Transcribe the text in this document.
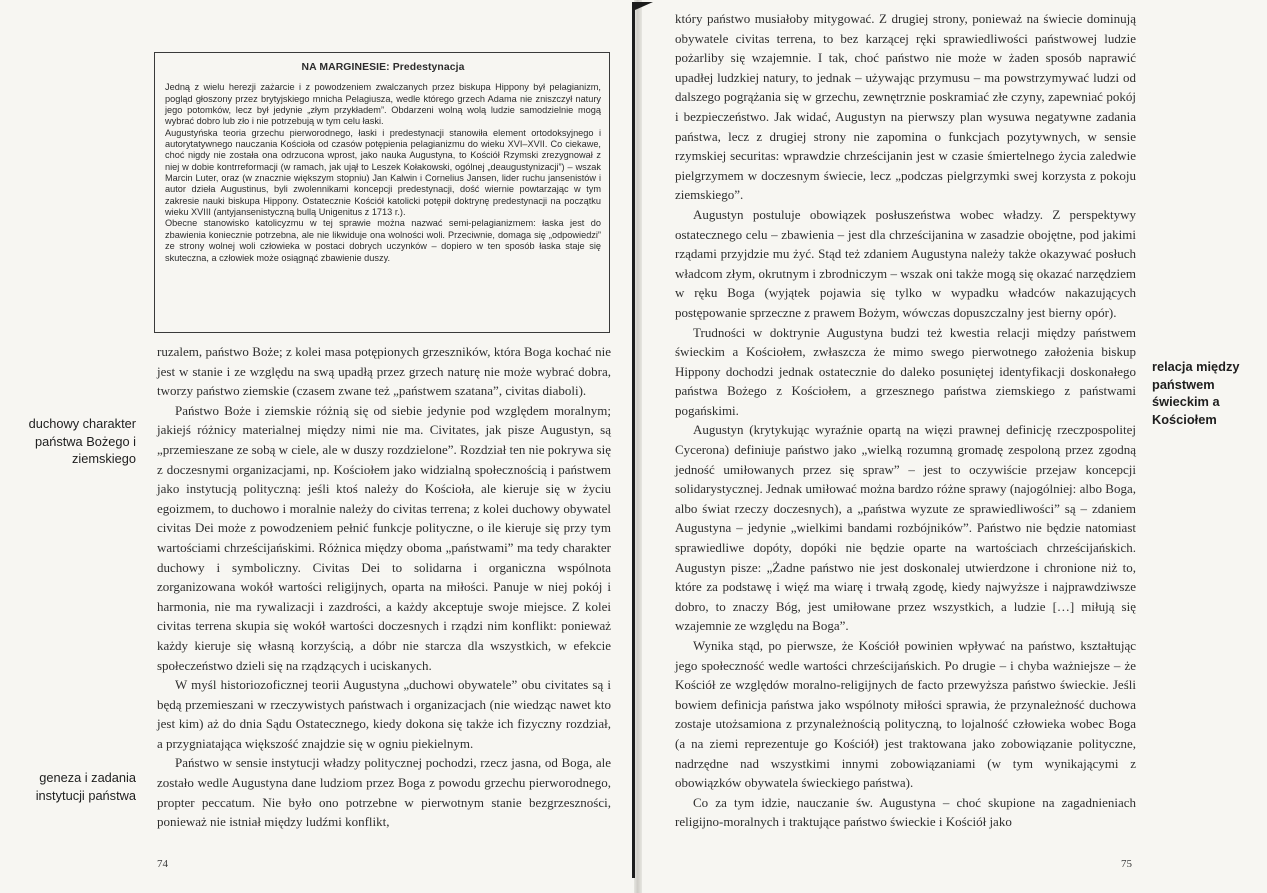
NA MARGINESIE: Predestynacja

Jedną z wielu herezji zażarcie i z powodzeniem zwalczanych przez biskupa Hippony był pelagianizm, pogląd głoszony przez brytyjskiego mnicha Pelagiusza, wedle którego grzech Adama nie zniszczył natury jego potomków, lecz był jedynie „złym przykładem”. Obdarzeni wolną wolą ludzie samodzielnie mogą wybrać dobro lub zło i nie potrzebują w tym celu łaski.

Augustyńska teoria grzechu pierworodnego, łaski i predestynacji stanowiła element ortodoksyjnego i autorytatywnego nauczania Kościoła od czasów potępienia pelagianizmu do wieku XVI–XVII. Co ciekawe, choć nigdy nie została ona odrzucona wprost, jako nauka Augustyna, to Kościół Rzymski zrezygnował z niej w dobie kontrreformacji (w ramach, jak ujął to Leszek Kołakowski, ogólnej „deaugustynizacji”) – wszak Marcin Luter, oraz (w znacznie większym stopniu) Jan Kalwin i Cornelius Jansen, lider ruchu jansenistów i autor dzieła Augustinus, byli zwolennikami koncepcji predestynacji, dość wiernie powtarzając w tym zakresie nauki biskupa Hippony. Ostatecznie Kościół katolicki potępił doktrynę predestynacji na początku wieku XVIII (antyjansenistyczną bullą Unigenitus z 1713 r.).

Obecne stanowisko katolicyzmu w tej sprawie można nazwać semi-pelagianizmem: łaska jest do zbawienia koniecznie potrzebna, ale nie likwiduje ona wolności woli. Przeciwnie, domaga się „odpowiedzi” ze strony wolnej woli człowieka w postaci dobrych uczynków – dopiero w ten sposób łaska staje się skuteczna, a człowiek może osiągnąć zbawienie duszy.

ruzalem, państwo Boże; z kolei masa potępionych grzeszników, która Boga kochać nie jest w stanie i ze względu na swą upadłą przez grzech naturę nie może wybrać dobra, tworzy państwo ziemskie (czasem zwane też „państwem szatana”, civitas diaboli).

Państwo Boże i ziemskie różnią się od siebie jedynie pod względem moralnym; jakiejś różnicy materialnej między nimi nie ma. Civitates, jak pisze Augustyn, są „przemieszane ze sobą w ciele, ale w duszy rozdzielone”. Rozdział ten nie pokrywa się z doczesnymi organizacjami, np. Kościołem jako widzialną społecznością i państwem jako instytucją polityczną: jeśli ktoś należy do Kościoła, ale kieruje się w życiu egoizmem, to duchowo i moralnie należy do civitas terrena; z kolei duchowy obywatel civitas Dei może z powodzeniem pełnić funkcje polityczne, o ile kieruje się przy tym wartościami chrześcijańskimi. Różnica między oboma „państwami” ma tedy charakter duchowy i symboliczny. Civitas Dei to solidarna i organiczna wspólnota zorganizowana wokół wartości religijnych, oparta na miłości. Panuje w niej pokój i harmonia, nie ma rywalizacji i zazdrości, a każdy akceptuje swoje miejsce. Z kolei civitas terrena skupia się wokół wartości doczesnych i rządzi nim konflikt: ponieważ każdy kieruje się własną korzyścią, a dóbr nie starcza dla wszystkich, w efekcie społeczeństwo dzieli się na rządzących i uciskanych.

W myśl historiozoficznej teorii Augustyna „duchowi obywatele” obu civitates są i będą przemieszani w rzeczywistych państwach i organizacjach (nie wiedząc nawet kto jest kim) aż do dnia Sądu Ostatecznego, kiedy dokona się także ich fizyczny rozdział, a przygniatająca większość znajdzie się w ogniu piekielnym.

Państwo w sensie instytucji władzy politycznej pochodzi, rzecz jasna, od Boga, ale zostało wedle Augustyna dane ludziom przez Boga z powodu grzechu pierworodnego, propter peccatum. Nie było ono potrzebne w pierwotnym stanie bezgrzeszności, ponieważ nie istniał między ludźmi konflikt,

duchowy charakter państwa Bożego i ziemskiego
geneza i zadania instytucji państwa
74

który państwo musiałoby mitygować. Z drugiej strony, ponieważ na świecie dominują obywatele civitas terrena, to bez karzącej ręki sprawiedliwości państwowej ludzie pożarliby się wzajemnie. I tak, choć państwo nie może w żaden sposób naprawić upadłej ludzkiej natury, to jednak – używając przymusu – ma powstrzymywać ludzi od dalszego pogrążania się w grzechu, zewnętrznie poskramiać złe czyny, zapewniać pokój i bezpieczeństwo. Jak widać, Augustyn na pierwszy plan wysuwa negatywne zadania państwa, lecz z drugiej strony nie zapomina o funkcjach pozytywnych, w sensie rzymskiej securitas: wprawdzie chrześcijanin jest w czasie śmiertelnego życia zaledwie pielgrzymem w doczesnym świecie, lecz „podczas pielgrzymki swej korzysta z pokoju ziemskiego”.

Augustyn postuluje obowiązek posłuszeństwa wobec władzy. Z perspektywy ostatecznego celu – zbawienia – jest dla chrześcijanina w zasadzie obojętne, pod jakimi rządami przyjdzie mu żyć. Stąd też zdaniem Augustyna należy także okazywać posłuch władcom złym, okrutnym i zbrodniczym – wszak oni także mogą się okazać narzędziem w ręku Boga (wyjątek pojawia się tylko w wypadku władców nakazujących postępowanie sprzeczne z prawem Bożym, wówczas dopuszczalny jest bierny opór).

Trudności w doktrynie Augustyna budzi też kwestia relacji między państwem świeckim a Kościołem, zwłaszcza że mimo swego pierwotnego założenia biskup Hippony dochodzi jednak ostatecznie do daleko posuniętej identyfikacji doskonałego państwa Bożego z Kościołem, a grzesznego państwa ziemskiego z państwami pogańskimi.

Augustyn (krytykując wyraźnie opartą na więzi prawnej definicję rzeczpospolitej Cycerona) definiuje państwo jako „wielką rozumną gromadę zespoloną przez zgodną jedność umiłowanych przez się spraw” – jest to oczywiście przejaw koncepcji solidarystycznej. Jednak umiłować można bardzo różne sprawy (najogólniej: albo Boga, albo świat rzeczy doczesnych), a „państwa wyzute ze sprawiedliwości” są – zdaniem Augustyna – jedynie „wielkimi bandami rozbójników”. Państwo nie będzie natomiast sprawiedliwe dopóty, dopóki nie będzie oparte na wartościach chrześcijańskich. Augustyn pisze: „Żadne państwo nie jest doskonalej utwierdzone i chronione niż to, które za podstawę i więź ma wiarę i trwałą zgodę, kiedy najwyższe i najprawdziwsze dobro, to znaczy Bóg, jest umiłowane przez wszystkich, a ludzie […] miłują się wzajemnie ze względu na Boga”.

Wynika stąd, po pierwsze, że Kościół powinien wpływać na państwo, kształtując jego społeczność wedle wartości chrześcijańskich. Po drugie – i chyba ważniejsze – że Kościół ze względów moralno-religijnych de facto przewyższa państwo świeckie. Jeśli bowiem definicja państwa jako wspólnoty miłości sprawia, że przynależność duchowa zostaje utożsamiona z przynależnością polityczną, to lojalność człowieka wobec Boga (a na ziemi reprezentuje go Kościół) jest traktowana jako zobowiązanie polityczne, nadrzędne nad wszystkimi innymi zobowiązaniami (w tym wynikającymi z obowiązków obywatela świeckiego państwa).

Co za tym idzie, nauczanie św. Augustyna – choć skupione na zagadnieniach religijno-moralnych i traktujące państwo świeckie i Kościół jako

relacja między państwem świeckim a Kościołem
75
